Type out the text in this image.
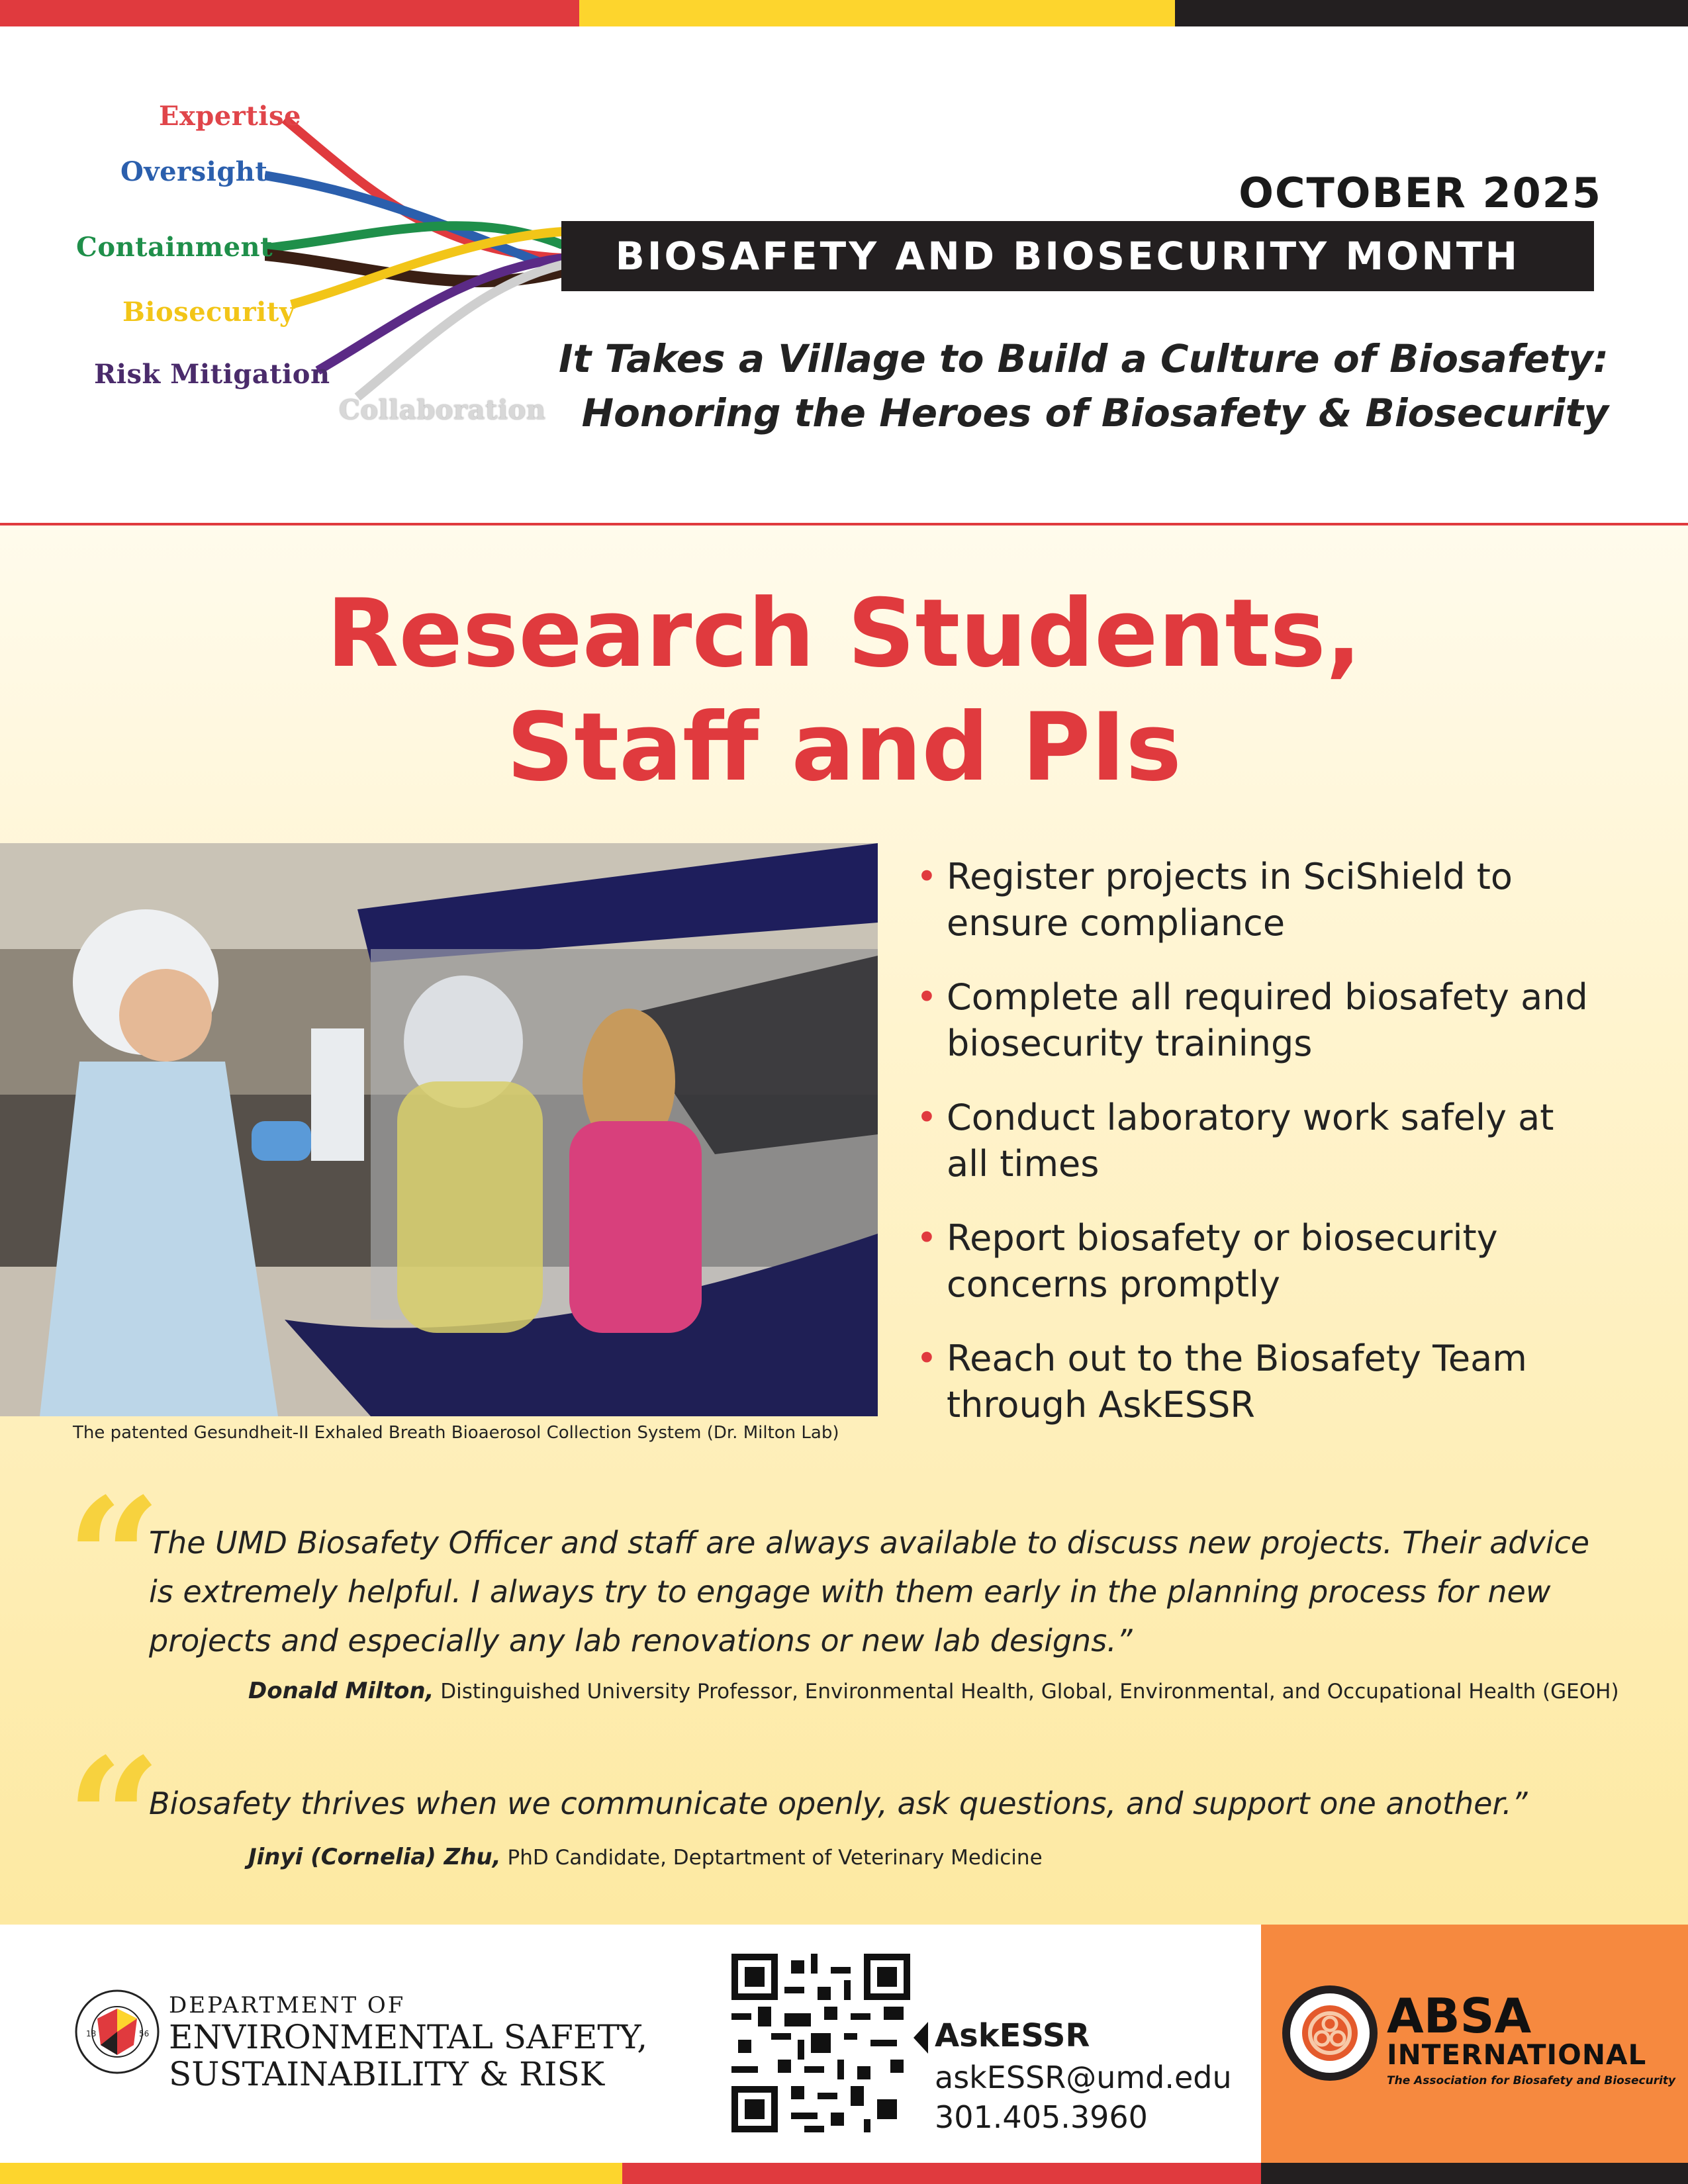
Expertise
Oversight
Containment
Biosecurity
Risk Mitigation
Collaboration
OCTOBER 2025
BIOSAFETY AND BIOSECURITY MONTH
It Takes a Village to Build a Culture of Biosafety:
Honoring the Heroes of Biosafety & Biosecurity
Research Students,
Staff and PIs
The patented Gesundheit-II Exhaled Breath Bioaerosol Collection System (Dr. Milton Lab)
• Register projects in SciShield to
ensure compliance
• Complete all required biosafety and
biosecurity trainings
• Conduct laboratory work safely at
all times
• Report biosafety or biosecurity
concerns promptly
• Reach out to the Biosafety Team
through AskESSR
“
The UMD Biosafety Officer and staff are always available to discuss new projects. Their advice
is extremely helpful. I always try to engage with them early in the planning process for new
projects and especially any lab renovations or new lab designs.”
Donald Milton, Distinguished University Professor, Environmental Health, Global, Environmental, and Occupational Health (GEOH)
“
Biosafety thrives when we communicate openly, ask questions, and support one another.”
Jinyi (Cornelia) Zhu, PhD Candidate, Deptartment of Veterinary Medicine
18	56
DEPARTMENT OF
ENVIRONMENTAL SAFETY,
SUSTAINABILITY & RISK
AskESSR
askESSR@umd.edu
301.405.3960
ABSA
INTERNATIONAL
The Association for Biosafety and Biosecurity
